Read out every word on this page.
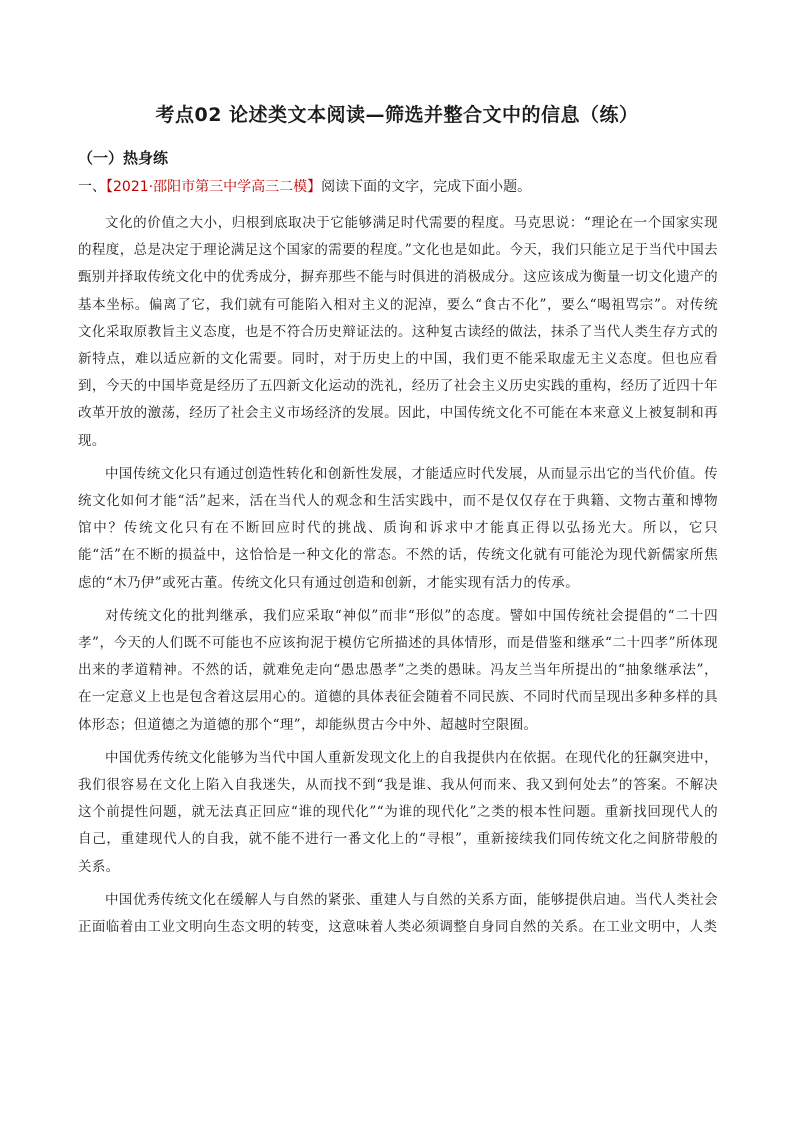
考点02 论述类文本阅读—筛选并整合文中的信息（练）
（一）热身练
一、【2021·邵阳市第三中学高三二模】阅读下面的文字，完成下面小题。

文化的价值之大小，归根到底取决于它能够满足时代需要的程度。马克思说：“理论在一个国家实现的程度，总是决定于理论满足这个国家的需要的程度。”文化也是如此。今天，我们只能立足于当代中国去甄别并择取传统文化中的优秀成分，摒弃那些不能与时俱进的消极成分。这应该成为衡量一切文化遗产的基本坐标。偏离了它，我们就有可能陷入相对主义的泥淖，要么“食古不化”，要么“喝祖骂宗”。对传统文化采取原教旨主义态度，也是不符合历史辩证法的。这种复古读经的做法，抹杀了当代人类生存方式的新特点，难以适应新的文化需要。同时，对于历史上的中国，我们更不能采取虚无主义态度。但也应看到，今天的中国毕竟是经历了五四新文化运动的洗礼，经历了社会主义历史实践的重构，经历了近四十年改革开放的激荡，经历了社会主义市场经济的发展。因此，中国传统文化不可能在本来意义上被复制和再现。

中国传统文化只有通过创造性转化和创新性发展，才能适应时代发展，从而显示出它的当代价值。传统文化如何才能“活”起来，活在当代人的观念和生活实践中，而不是仅仅存在于典籍、文物古董和博物馆中？传统文化只有在不断回应时代的挑战、质询和诉求中才能真正得以弘扬光大。所以，它只能“活”在不断的损益中，这恰恰是一种文化的常态。不然的话，传统文化就有可能沦为现代新儒家所焦虑的“木乃伊”或死古董。传统文化只有通过创造和创新，才能实现有活力的传承。

对传统文化的批判继承，我们应采取“神似”而非“形似”的态度。譬如中国传统社会提倡的“二十四孝”，今天的人们既不可能也不应该拘泥于模仿它所描述的具体情形，而是借鉴和继承“二十四孝”所体现出来的孝道精神。不然的话，就难免走向“愚忠愚孝”之类的愚昧。冯友兰当年所提出的“抽象继承法”，在一定意义上也是包含着这层用心的。道德的具体表征会随着不同民族、不同时代而呈现出多种多样的具体形态；但道德之为道德的那个“理”，却能纵贯古今中外、超越时空限囿。

中国优秀传统文化能够为当代中国人重新发现文化上的自我提供内在依据。在现代化的狂飙突进中，我们很容易在文化上陷入自我迷失，从而找不到“我是谁、我从何而来、我又到何处去”的答案。不解决这个前提性问题，就无法真正回应“谁的现代化”“为谁的现代化”之类的根本性问题。重新找回现代人的自己，重建现代人的自我，就不能不进行一番文化上的“寻根”，重新接续我们同传统文化之间脐带般的关系。

中国优秀传统文化在缓解人与自然的紧张、重建人与自然的关系方面，能够提供启迪。当代人类社会正面临着由工业文明向生态文明的转变，这意味着人类必须调整自身同自然的关系。在工业文明中，人类
